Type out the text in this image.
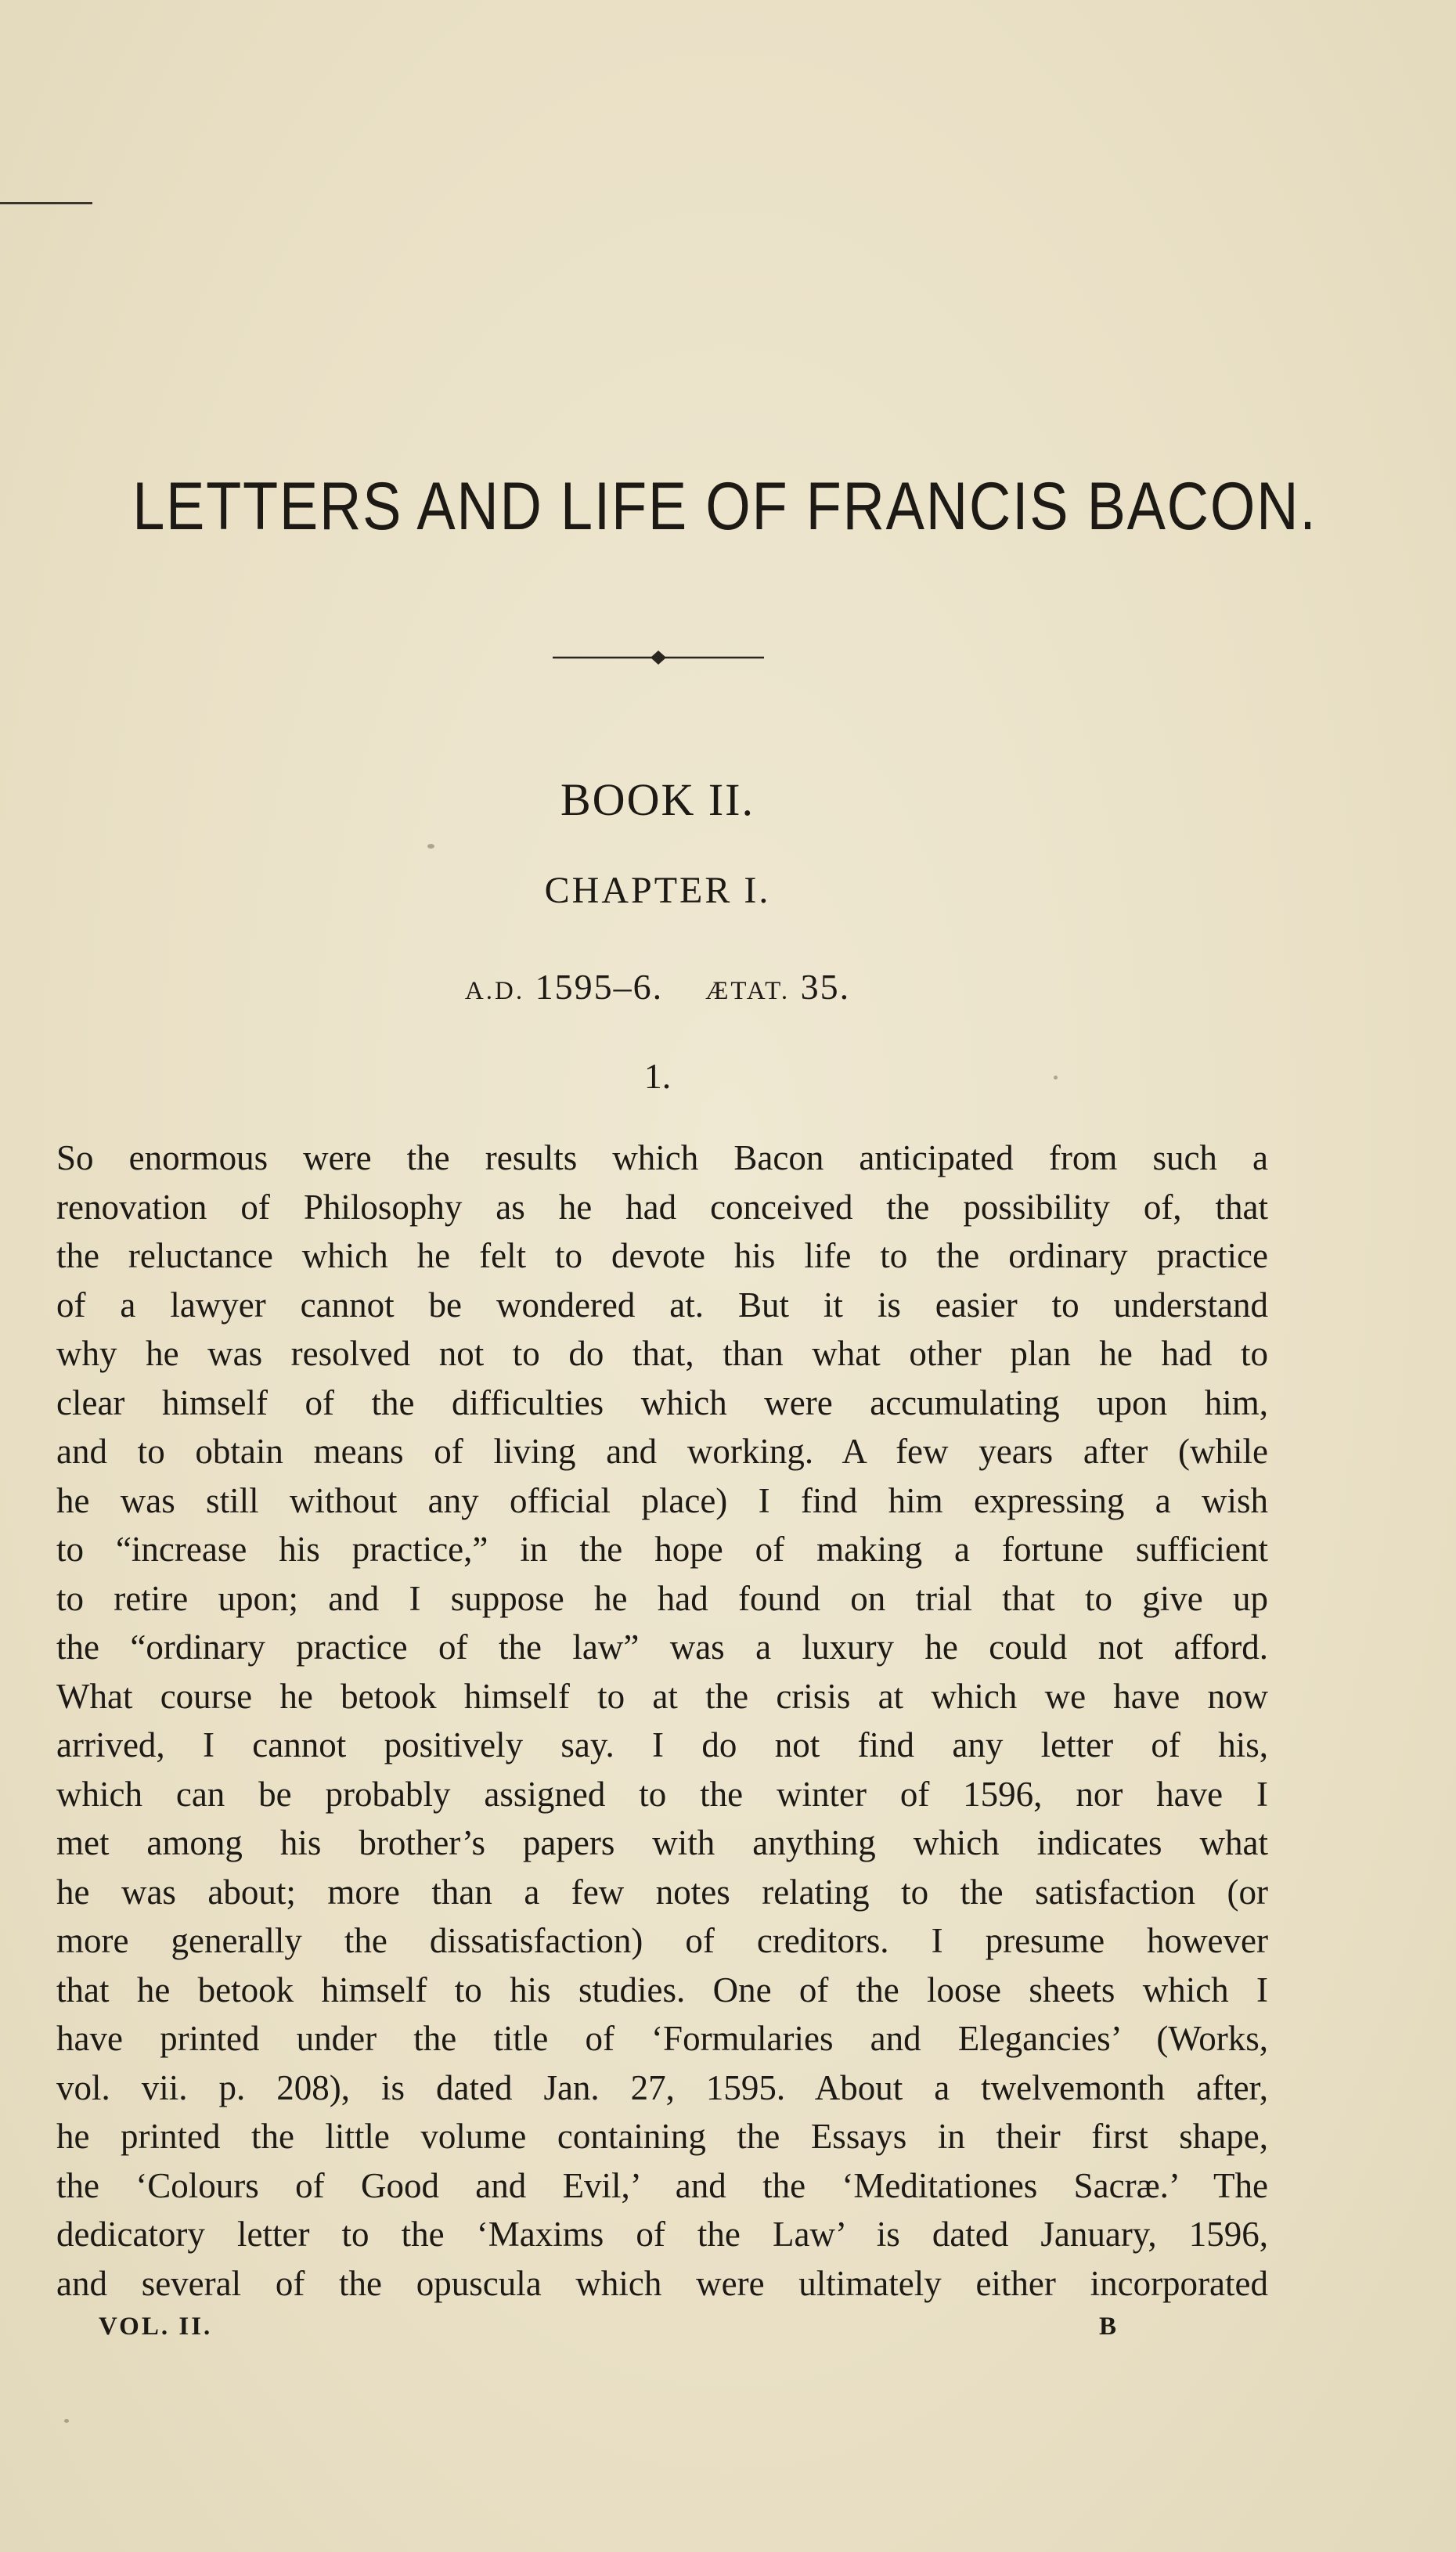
LETTERS AND LIFE OF FRANCIS BACON.
BOOK II.
CHAPTER I.
A.D. 1595–6. ÆTAT. 35.
1.
So enormous were the results which Bacon anticipated from such a
renovation of Philosophy as he had conceived the possibility of, that
the reluctance which he felt to devote his life to the ordinary practice
of a lawyer cannot be wondered at. But it is easier to understand
why he was resolved not to do that, than what other plan he had to
clear himself of the difficulties which were accumulating upon him,
and to obtain means of living and working. A few years after (while
he was still without any official place) I find him expressing a wish
to “increase his practice,” in the hope of making a fortune sufficient
to retire upon; and I suppose he had found on trial that to give up
the “ordinary practice of the law” was a luxury he could not afford.
What course he betook himself to at the crisis at which we have now
arrived, I cannot positively say. I do not find any letter of his,
which can be probably assigned to the winter of 1596, nor have I
met among his brother’s papers with anything which indicates what
he was about; more than a few notes relating to the satisfaction (or
more generally the dissatisfaction) of creditors. I presume however
that he betook himself to his studies. One of the loose sheets which I
have printed under the title of ‘Formularies and Elegancies’ (Works,
vol. vii. p. 208), is dated Jan. 27, 1595. About a twelvemonth after,
he printed the little volume containing the Essays in their first shape,
the ‘Colours of Good and Evil,’ and the ‘Meditationes Sacræ.’ The
dedicatory letter to the ‘Maxims of the Law’ is dated January, 1596,
and several of the opuscula which were ultimately either incorporated
VOL. II.	B
